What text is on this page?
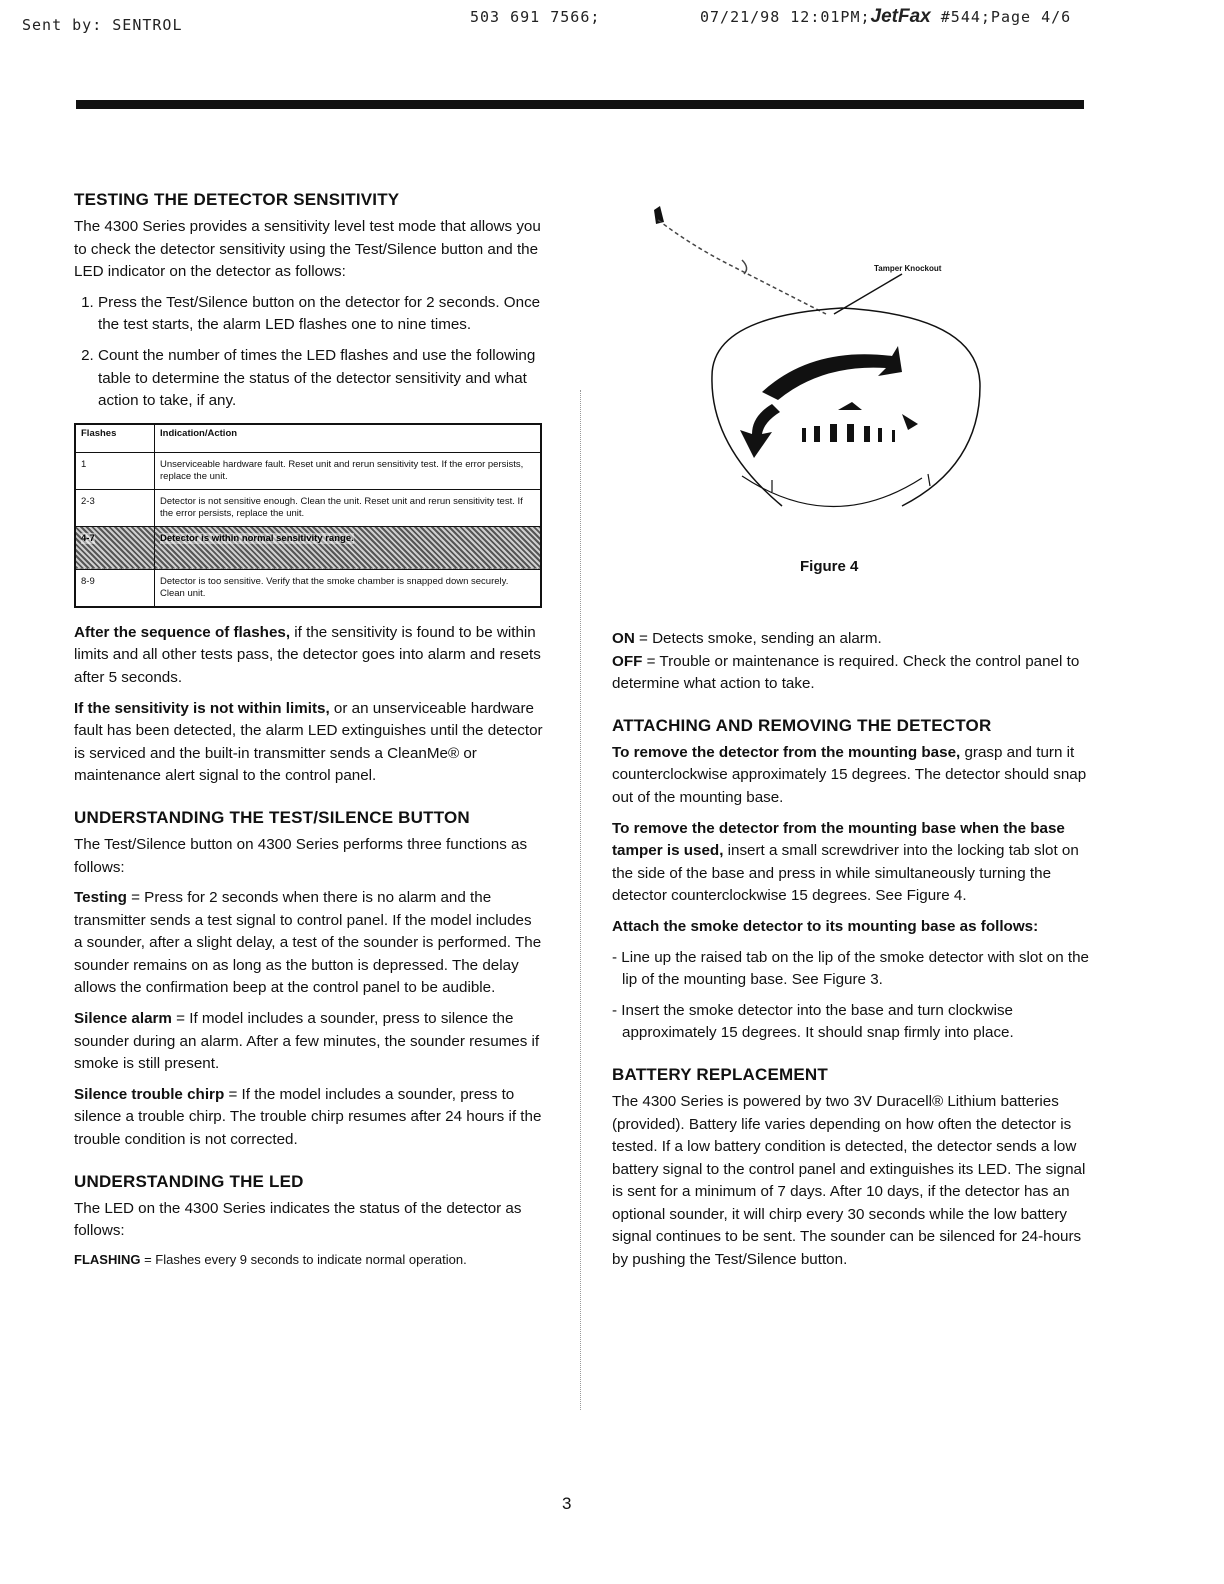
Sent by: SENTROL	503 691 7566;	07/21/98 12:01PM;JetFax #544;Page 4/6
TESTING THE DETECTOR SENSITIVITY

The 4300 Series provides a sensitivity level test mode that allows you to check the detector sensitivity using the Test/Silence button and the LED indicator on the detector as follows:

1. Press the Test/Silence button on the detector for 2 seconds. Once the test starts, the alarm LED flashes one to nine times.
2. Count the number of times the LED flashes and use the following table to determine the status of the detector sensitivity and what action to take, if any.
Flashes	Indication/Action
1	Unserviceable hardware fault. Reset unit and rerun sensitivity test. If the error persists, replace the unit.
2-3	Detector is not sensitive enough. Clean the unit. Reset unit and rerun sensitivity test. If the error persists, replace the unit.
4-7	Detector is within normal sensitivity range.
8-9	Detector is too sensitive. Verify that the smoke chamber is snapped down securely. Clean unit.

After the sequence of flashes, if the sensitivity is found to be within limits and all other tests pass, the detector goes into alarm and resets after 5 seconds.

If the sensitivity is not within limits, or an unserviceable hardware fault has been detected, the alarm LED extinguishes until the detector is serviced and the built-in transmitter sends a CleanMe® or maintenance alert signal to the control panel.

UNDERSTANDING THE TEST/SILENCE BUTTON

The Test/Silence button on 4300 Series performs three functions as follows:

Testing = Press for 2 seconds when there is no alarm and the transmitter sends a test signal to control panel. If the model includes a sounder, after a slight delay, a test of the sounder is performed. The sounder remains on as long as the button is depressed. The delay allows the confirmation beep at the control panel to be audible.

Silence alarm = If model includes a sounder, press to silence the sounder during an alarm. After a few minutes, the sounder resumes if smoke is still present.

Silence trouble chirp = If the model includes a sounder, press to silence a trouble chirp. The trouble chirp resumes after 24 hours if the trouble condition is not corrected.

UNDERSTANDING THE LED

The LED on the 4300 Series indicates the status of the detector as follows:

FLASHING = Flashes every 9 seconds to indicate normal operation.

Tamper Knockout
Figure 4

ON = Detects smoke, sending an alarm.

OFF = Trouble or maintenance is required. Check the control panel to determine what action to take.

ATTACHING AND REMOVING THE DETECTOR

To remove the detector from the mounting base, grasp and turn it counterclockwise approximately 15 degrees. The detector should snap out of the mounting base.

To remove the detector from the mounting base when the base tamper is used, insert a small screwdriver into the locking tab slot on the side of the base and press in while simultaneously turning the detector counterclockwise 15 degrees. See Figure 4.

Attach the smoke detector to its mounting base as follows:

- Line up the raised tab on the lip of the smoke detector with slot on the lip of the mounting base. See Figure 3.

- Insert the smoke detector into the base and turn clockwise approximately 15 degrees. It should snap firmly into place.

BATTERY REPLACEMENT

The 4300 Series is powered by two 3V Duracell® Lithium batteries (provided). Battery life varies depending on how often the detector is tested. If a low battery condition is detected, the detector sends a low battery signal to the control panel and extinguishes its LED. The signal is sent for a minimum of 7 days. After 10 days, if the detector has an optional sounder, it will chirp every 30 seconds while the low battery signal continues to be sent. The sounder can be silenced for 24-hours by pushing the Test/Silence button.

3
